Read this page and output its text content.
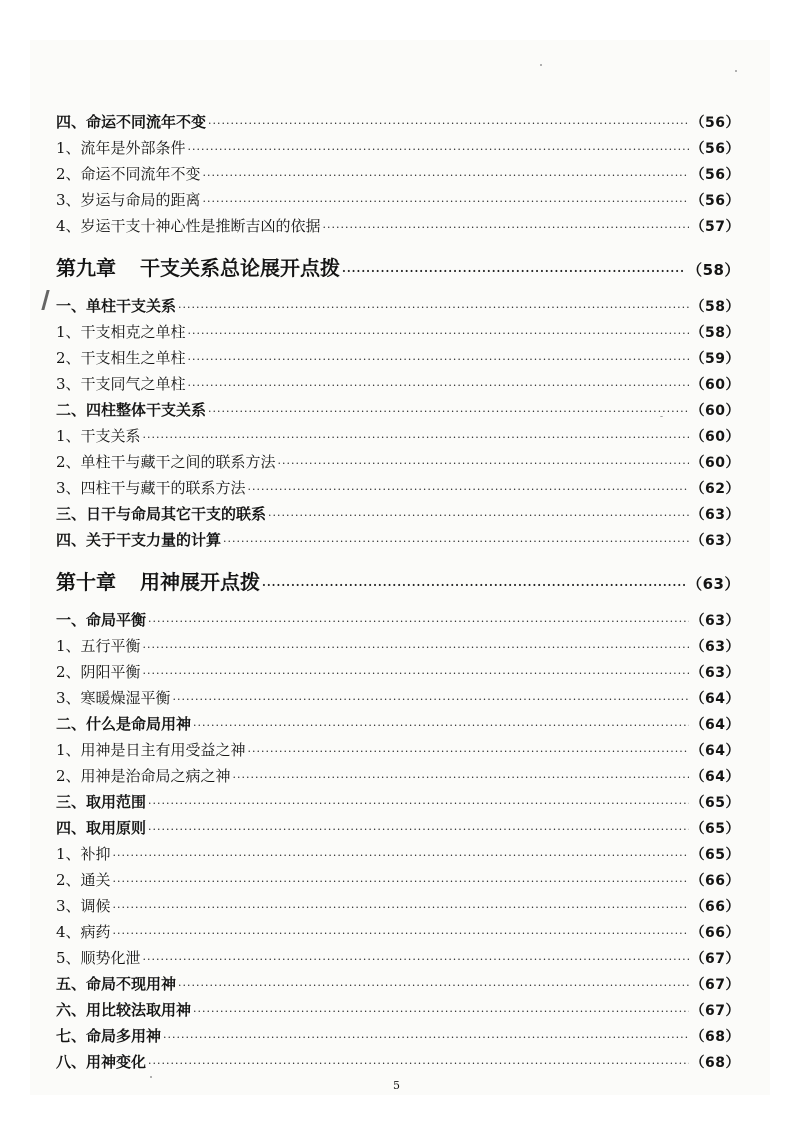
四、命运不同流年不变 ·····	（56）
1、流年是外部条件 ·····	（56）
2、命运不同流年不变 ·····	（56）
3、岁运与命局的距离 ·····	（56）
4、岁运干支十神心性是推断吉凶的依据 ·····	（57）
第九章 干支关系总论展开点拨 ·····	（58）
一、单柱干支关系 ·····	（58）
1、干支相克之单柱 ·····	（58）
2、干支相生之单柱 ·····	（59）
3、干支同气之单柱 ·····	（60）
二、四柱整体干支关系 ·····	（60）
1、干支关系 ·····	（60）
2、单柱干与藏干之间的联系方法 ·····	（60）
3、四柱干与藏干的联系方法 ·····	（62）
三、日干与命局其它干支的联系 ·····	（63）
四、关于干支力量的计算 ·····	（63）
第十章 用神展开点拨 ·····	（63）
一、命局平衡 ·····	（63）
1、五行平衡 ·····	（63）
2、阴阳平衡 ·····	（63）
3、寒暖燥湿平衡 ·····	（64）
二、什么是命局用神 ·····	（64）
1、用神是日主有用受益之神 ·····	（64）
2、用神是治命局之病之神 ·····	（64）
三、取用范围 ·····	（65）
四、取用原则 ·····	（65）
1、补抑 ·····	（65）
2、通关 ·····	（66）
3、调候 ·····	（66）
4、病药 ·····	（66）
5、顺势化泄 ·····	（67）
五、命局不现用神 ·····	（67）
六、用比较法取用神 ·····	（67）
七、命局多用神 ·····	（68）
八、用神变化 ·····	（68）
5
